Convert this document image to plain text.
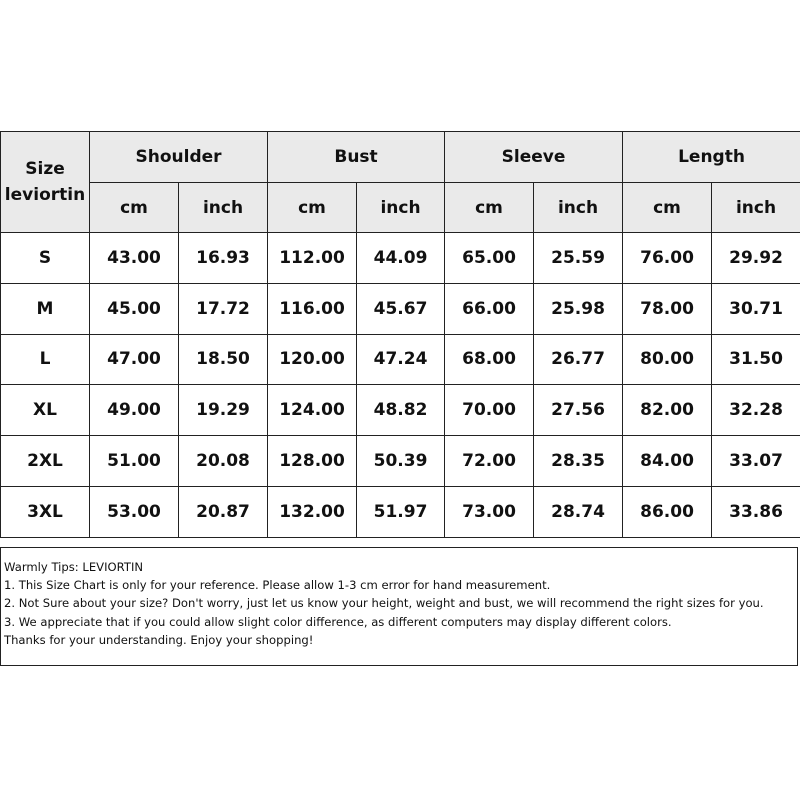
Size
leviortin	Shoulder		Bust		Sleeve		Length	
	cm	inch	cm	inch	cm	inch	cm	inch
S	43.00	16.93	112.00	44.09	65.00	25.59	76.00	29.92
M	45.00	17.72	116.00	45.67	66.00	25.98	78.00	30.71
L	47.00	18.50	120.00	47.24	68.00	26.77	80.00	31.50
XL	49.00	19.29	124.00	48.82	70.00	27.56	82.00	32.28
2XL	51.00	20.08	128.00	50.39	72.00	28.35	84.00	33.07
3XL	53.00	20.87	132.00	51.97	73.00	28.74	86.00	33.86
Warmly Tips: LEVIORTIN
1. This Size Chart is only for your reference. Please allow 1-3 cm error for hand measurement.
2. Not Sure about your size? Don't worry, just let us know your height, weight and bust, we will recommend the right sizes for you.
3. We appreciate that if you could allow slight color difference, as different computers may display different colors.
Thanks for your understanding. Enjoy your shopping!
